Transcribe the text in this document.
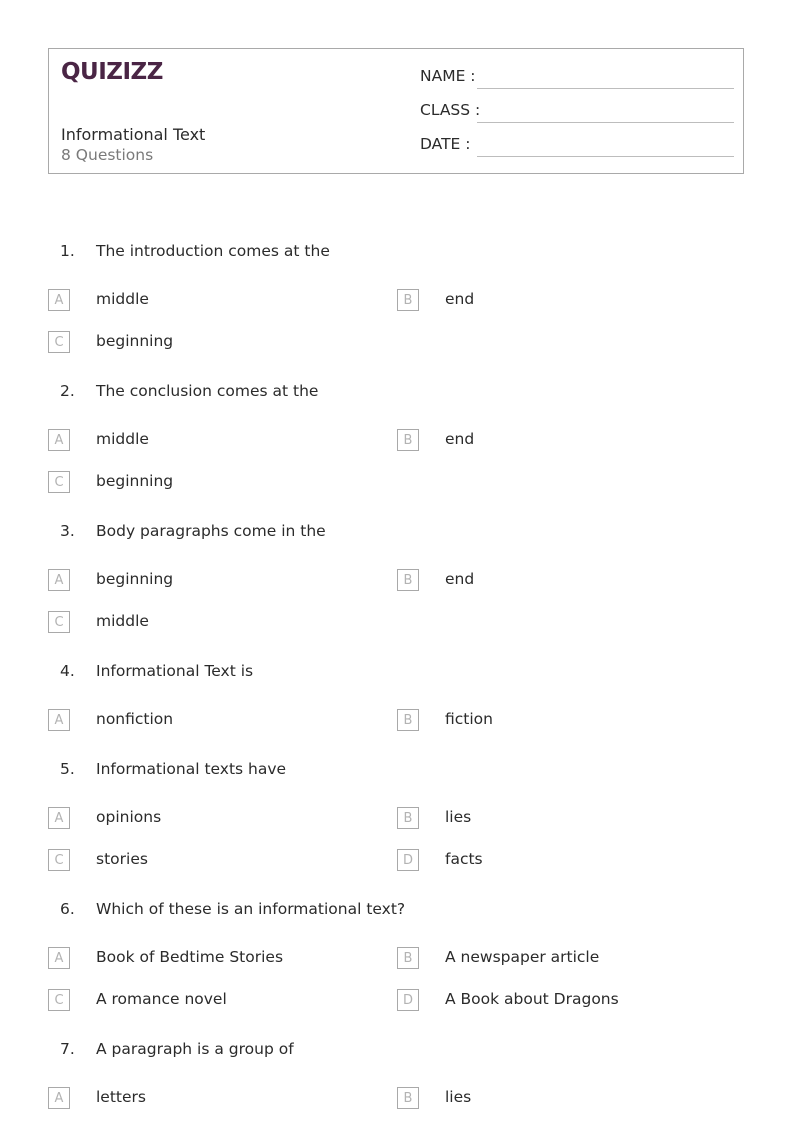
QUIZIZZ
Informational Text
8 Questions
NAME :
CLASS :
DATE :
1. The introduction comes at the
A	middle	B	end
C	beginning
2. The conclusion comes at the
A	middle	B	end
C	beginning
3. Body paragraphs come in the
A	beginning	B	end
C	middle
4. Informational Text is
A	nonfiction	B	fiction
5. Informational texts have
A	opinions	B	lies
C	stories	D	facts
6. Which of these is an informational text?
A	Book of Bedtime Stories	B	A newspaper article
C	A romance novel	D	A Book about Dragons
7. A paragraph is a group of
A	letters	B	lies
